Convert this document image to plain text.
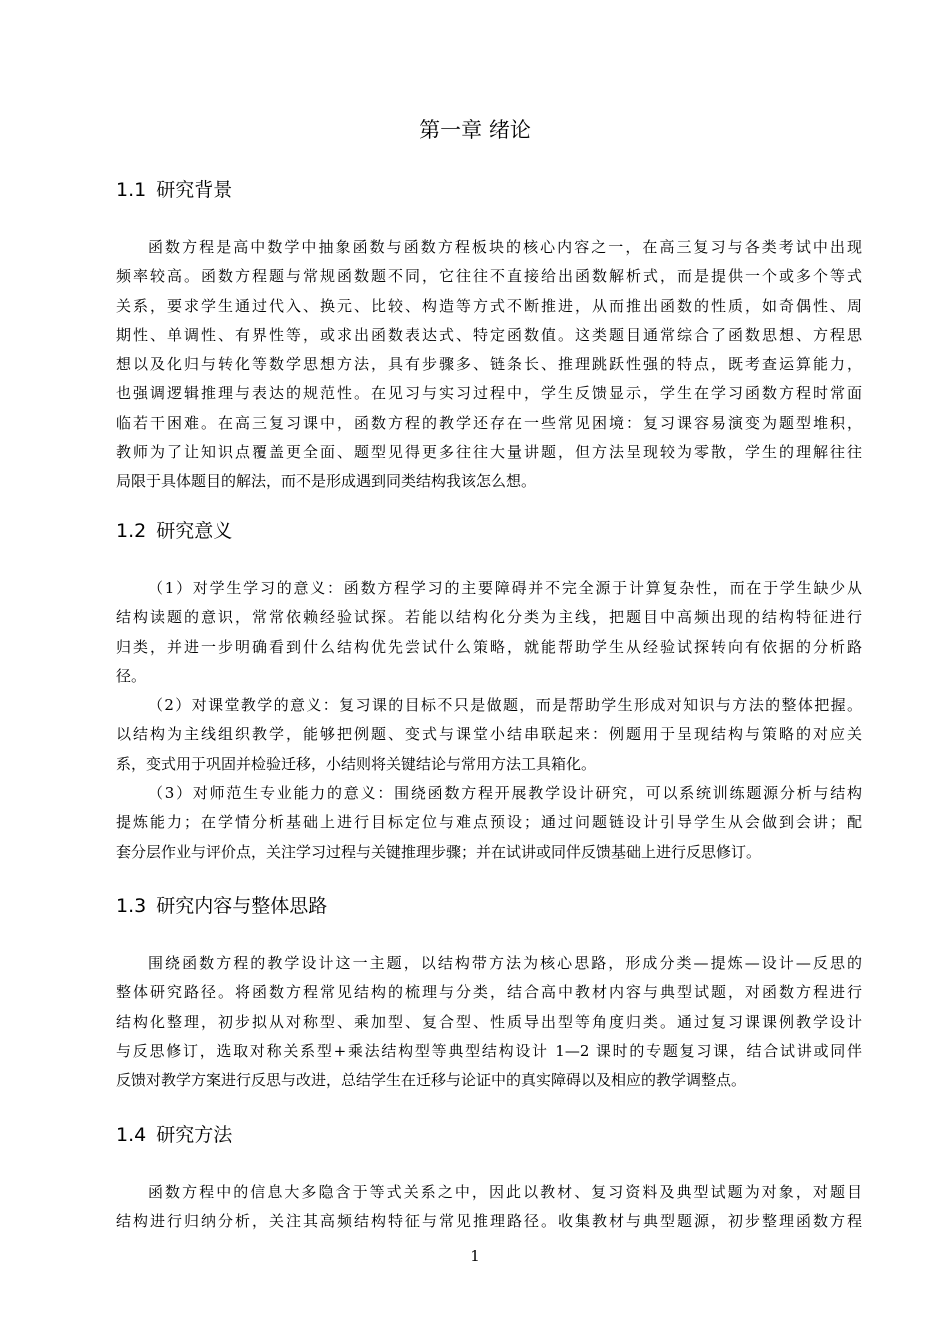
第一章 绪论
1.1 研究背景
函数方程是高中数学中抽象函数与函数方程板块的核心内容之一，在高三复习与各类考试中出现
频率较高。函数方程题与常规函数题不同，它往往不直接给出函数解析式，而是提供一个或多个等式
关系，要求学生通过代入、换元、比较、构造等方式不断推进，从而推出函数的性质，如奇偶性、周
期性、单调性、有界性等，或求出函数表达式、特定函数值。这类题目通常综合了函数思想、方程思
想以及化归与转化等数学思想方法，具有步骤多、链条长、推理跳跃性强的特点，既考查运算能力，
也强调逻辑推理与表达的规范性。在见习与实习过程中，学生反馈显示，学生在学习函数方程时常面
临若干困难。在高三复习课中，函数方程的教学还存在一些常见困境：复习课容易演变为题型堆积，
教师为了让知识点覆盖更全面、题型见得更多往往大量讲题，但方法呈现较为零散，学生的理解往往
局限于具体题目的解法，而不是形成遇到同类结构我该怎么想。
1.2 研究意义
（1）对学生学习的意义：函数方程学习的主要障碍并不完全源于计算复杂性，而在于学生缺少从
结构读题的意识，常常依赖经验试探。若能以结构化分类为主线，把题目中高频出现的结构特征进行
归类，并进一步明确看到什么结构优先尝试什么策略，就能帮助学生从经验试探转向有依据的分析路
径。
（2）对课堂教学的意义：复习课的目标不只是做题，而是帮助学生形成对知识与方法的整体把握。
以结构为主线组织教学，能够把例题、变式与课堂小结串联起来：例题用于呈现结构与策略的对应关
系，变式用于巩固并检验迁移，小结则将关键结论与常用方法工具箱化。
（3）对师范生专业能力的意义：围绕函数方程开展教学设计研究，可以系统训练题源分析与结构
提炼能力；在学情分析基础上进行目标定位与难点预设；通过问题链设计引导学生从会做到会讲；配
套分层作业与评价点，关注学习过程与关键推理步骤；并在试讲或同伴反馈基础上进行反思修订。
1.3 研究内容与整体思路
围绕函数方程的教学设计这一主题，以结构带方法为核心思路，形成分类—提炼—设计—反思的
整体研究路径。将函数方程常见结构的梳理与分类，结合高中教材内容与典型试题，对函数方程进行
结构化整理，初步拟从对称型、乘加型、复合型、性质导出型等角度归类。通过复习课课例教学设计
与反思修订，选取对称关系型+乘法结构型等典型结构设计 1—2 课时的专题复习课，结合试讲或同伴
反馈对教学方案进行反思与改进，总结学生在迁移与论证中的真实障碍以及相应的教学调整点。
1.4 研究方法
函数方程中的信息大多隐含于等式关系之中，因此以教材、复习资料及典型试题为对象，对题目
结构进行归纳分析，关注其高频结构特征与常见推理路径。收集教材与典型题源，初步整理函数方程
1
